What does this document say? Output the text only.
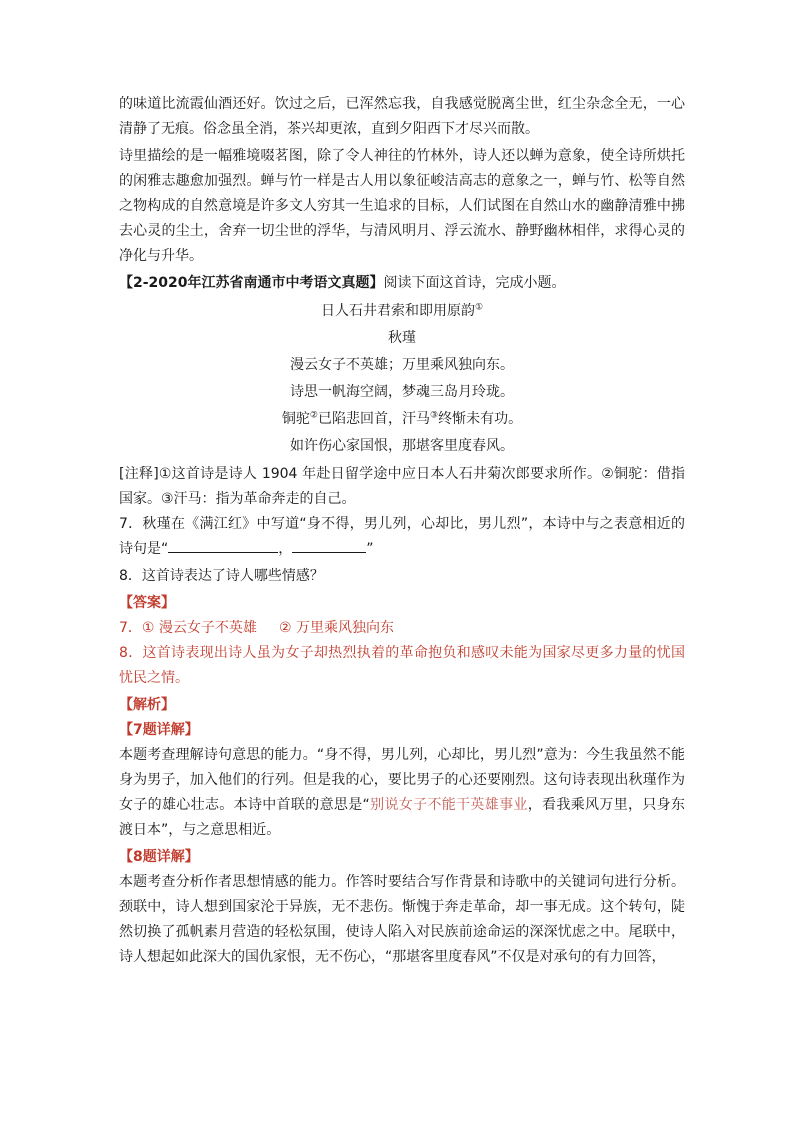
的味道比流霞仙酒还好。饮过之后，已浑然忘我，自我感觉脱离尘世，红尘杂念全无，一心清静了无痕。俗念虽全消，茶兴却更浓，直到夕阳西下才尽兴而散。

诗里描绘的是一幅雅境啜茗图，除了令人神往的竹林外，诗人还以蝉为意象，使全诗所烘托的闲雅志趣愈加强烈。蝉与竹一样是古人用以象征峻洁高志的意象之一，蝉与竹、松等自然之物构成的自然意境是许多文人穷其一生追求的目标，人们试图在自然山水的幽静清雅中拂去心灵的尘土，舍弃一切尘世的浮华，与清风明月、浮云流水、静野幽林相伴，求得心灵的净化与升华。

【2-2020年江苏省南通市中考语文真题】阅读下面这首诗，完成小题。

日人石井君索和即用原韵①

秋瑾

漫云女子不英雄；万里乘风独向东。

诗思一帆海空阔，梦魂三岛月玲珑。

铜驼②已陷悲回首，汗马③终惭未有功。

如许伤心家国恨，那堪客里度春风。

[注释]①这首诗是诗人 1904 年赴日留学途中应日本人石井菊次郎要求所作。②铜驼：借指国家。③汗马：指为革命奔走的自己。

7．秋瑾在《满江红》中写道“身不得，男儿列，心却比，男儿烈”，本诗中与之表意相近的诗句是“	，	”

8．这首诗表达了诗人哪些情感？

【答案】

7．① 漫云女子不英雄 ② 万里乘风独向东

8．这首诗表现出诗人虽为女子却热烈执着的革命抱负和感叹未能为国家尽更多力量的忧国忧民之情。

【解析】

【7题详解】

本题考查理解诗句意思的能力。“身不得，男儿列，心却比，男儿烈”意为：今生我虽然不能身为男子，加入他们的行列。但是我的心，要比男子的心还要刚烈。这句诗表现出秋瑾作为女子的雄心壮志。本诗中首联的意思是“别说女子不能干英雄事业，看我乘风万里，只身东渡日本”，与之意思相近。

【8题详解】

本题考查分析作者思想情感的能力。作答时要结合写作背景和诗歌中的关键词句进行分析。颈联中，诗人想到国家沦于异族，无不悲伤。惭愧于奔走革命，却一事无成。这个转句，陡然切换了孤帆素月营造的轻松氛围，使诗人陷入对民族前途命运的深深忧虑之中。尾联中，诗人想起如此深大的国仇家恨，无不伤心，“那堪客里度春风”不仅是对承句的有力回答，
